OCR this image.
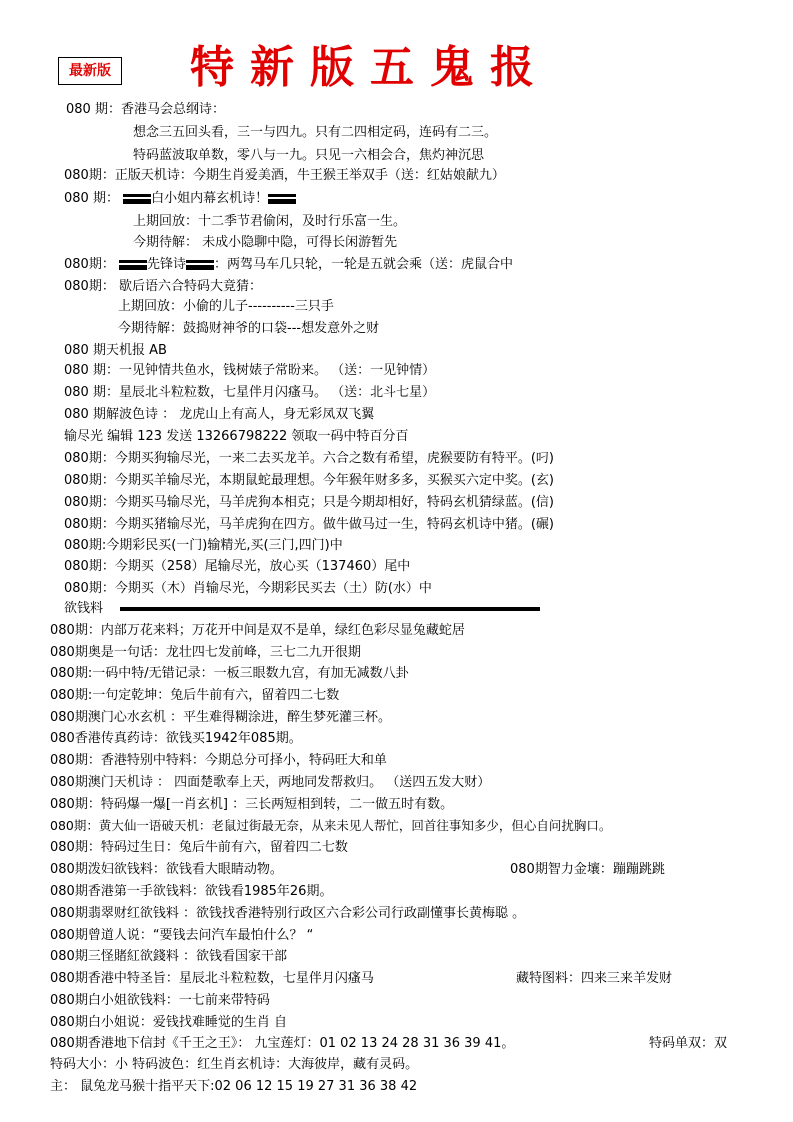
最新版 特新版五鬼报
080 期：香港马会总纲诗：
想念三五回头看，三一与四九。只有二四相定码，连码有二三。
特码蓝波取单数，零八与一九。只见一六相会合，焦灼神沉思
080期：正版天机诗：今期生肖爱美酒，牛王猴王举双手（送：红姑娘献九）
080 期： 白小姐内幕玄机诗！
上期回放：十二季节君偷闲，及时行乐富一生。
今期待解： 未成小隐聊中隐，可得长闲游暂先
080期： 先锋诗 ：两驾马车几只轮，一轮是五就会乘（送：虎鼠合中
080期： 歇后语六合特码大竟猜：
上期回放：小偷的儿子----------三只手
今期待解：鼓捣财神爷的口袋---想发意外之财
080 期天机报 AB
080 期：一见钟情共鱼水，钱树婊子常盼来。 （送：一见钟情）
080 期：星辰北斗粒粒数，七星伴月闪瘙马。 （送：北斗七星）
080 期解波色诗 ： 龙虎山上有高人，身无彩凤双飞翼
输尽光 编辑 123 发送 13266798222 领取一码中特百分百
080期：今期买狗输尽光，一来二去买龙羊。六合之数有希望，虎猴要防有特平。(叼)
080期：今期买羊输尽光，本期鼠蛇最理想。今年猴年财多多，买猴买六定中奖。(玄)
080期：今期买马输尽光，马羊虎狗本相克；只是今期却相好，特码玄机猜绿蓝。(信)
080期：今期买猪输尽光，马羊虎狗在四方。做牛做马过一生，特码玄机诗中猪。(碾)
080期:今期彩民买(一门)输精光,买(三门,四门)中
080期：今期买（258）尾输尽光，放心买（137460）尾中
080期：今期买（木）肖输尽光，今期彩民买去（土）防(水）中
欲钱料
080期：内部万花来料；万花开中间是双不是单，绿红色彩尽显兔藏蛇居
080期奥是一句话：龙壮四七发前峰，三七二九开很期
080期:一码中特/无错记录：一板三眼数九宫，有加无减数八卦
080期:一句定乾坤：兔后牛前有六，留着四二七数
080期澳门心水玄机 ：平生难得糊涂进，醉生梦死灌三杯。
080香港传真药诗：欲钱买1942年085期。
080期：香港特别中特料：今期总分可择小，特码旺大和单
080期澳门天机诗 ： 四面楚歌奉上天，两地同发帮救归。 （送四五发大财）
080期：特码爆一爆[一肖玄机] ：三长两短相到转，二一做五时有数。
080期：黄大仙一语破天机：老鼠过街最无奈，从来未见人帮忙，回首往事知多少，但心自问扰胸口。
080期：特码过生日：兔后牛前有六，留着四二七数
080期泼妇欲钱料：欲钱看大眼睛动物。	080期智力金壤：蹦蹦跳跳
080期香港第一手欲钱料：欲钱看1985年26期。
080期翡翠财红欲钱料 ：欲钱找香港特别行政区六合彩公司行政副懂事长黄梅聪 。
080期曾道人说：“要钱去问汽车最怕什么？ “
080期三怪賭紅欲錢料 ：欲钱看国家干部
080期香港中特圣旨：星辰北斗粒粒数，七星伴月闪瘙马	藏特图料：四来三来羊发财
080期白小姐欲钱料：一七前来带特码
080期白小姐说：爱钱找难睡觉的生肖 自
080期香港地下信封《千王之王》： 九宝莲灯：01 02 13 24 28 31 36 39 41。	特码单双：双
特码大小：小 特码波色：红生肖玄机诗：大海彼岸，藏有灵码。
主： 鼠兔龙马猴十指平天下:02 06 12 15 19 27 31 36 38 42
